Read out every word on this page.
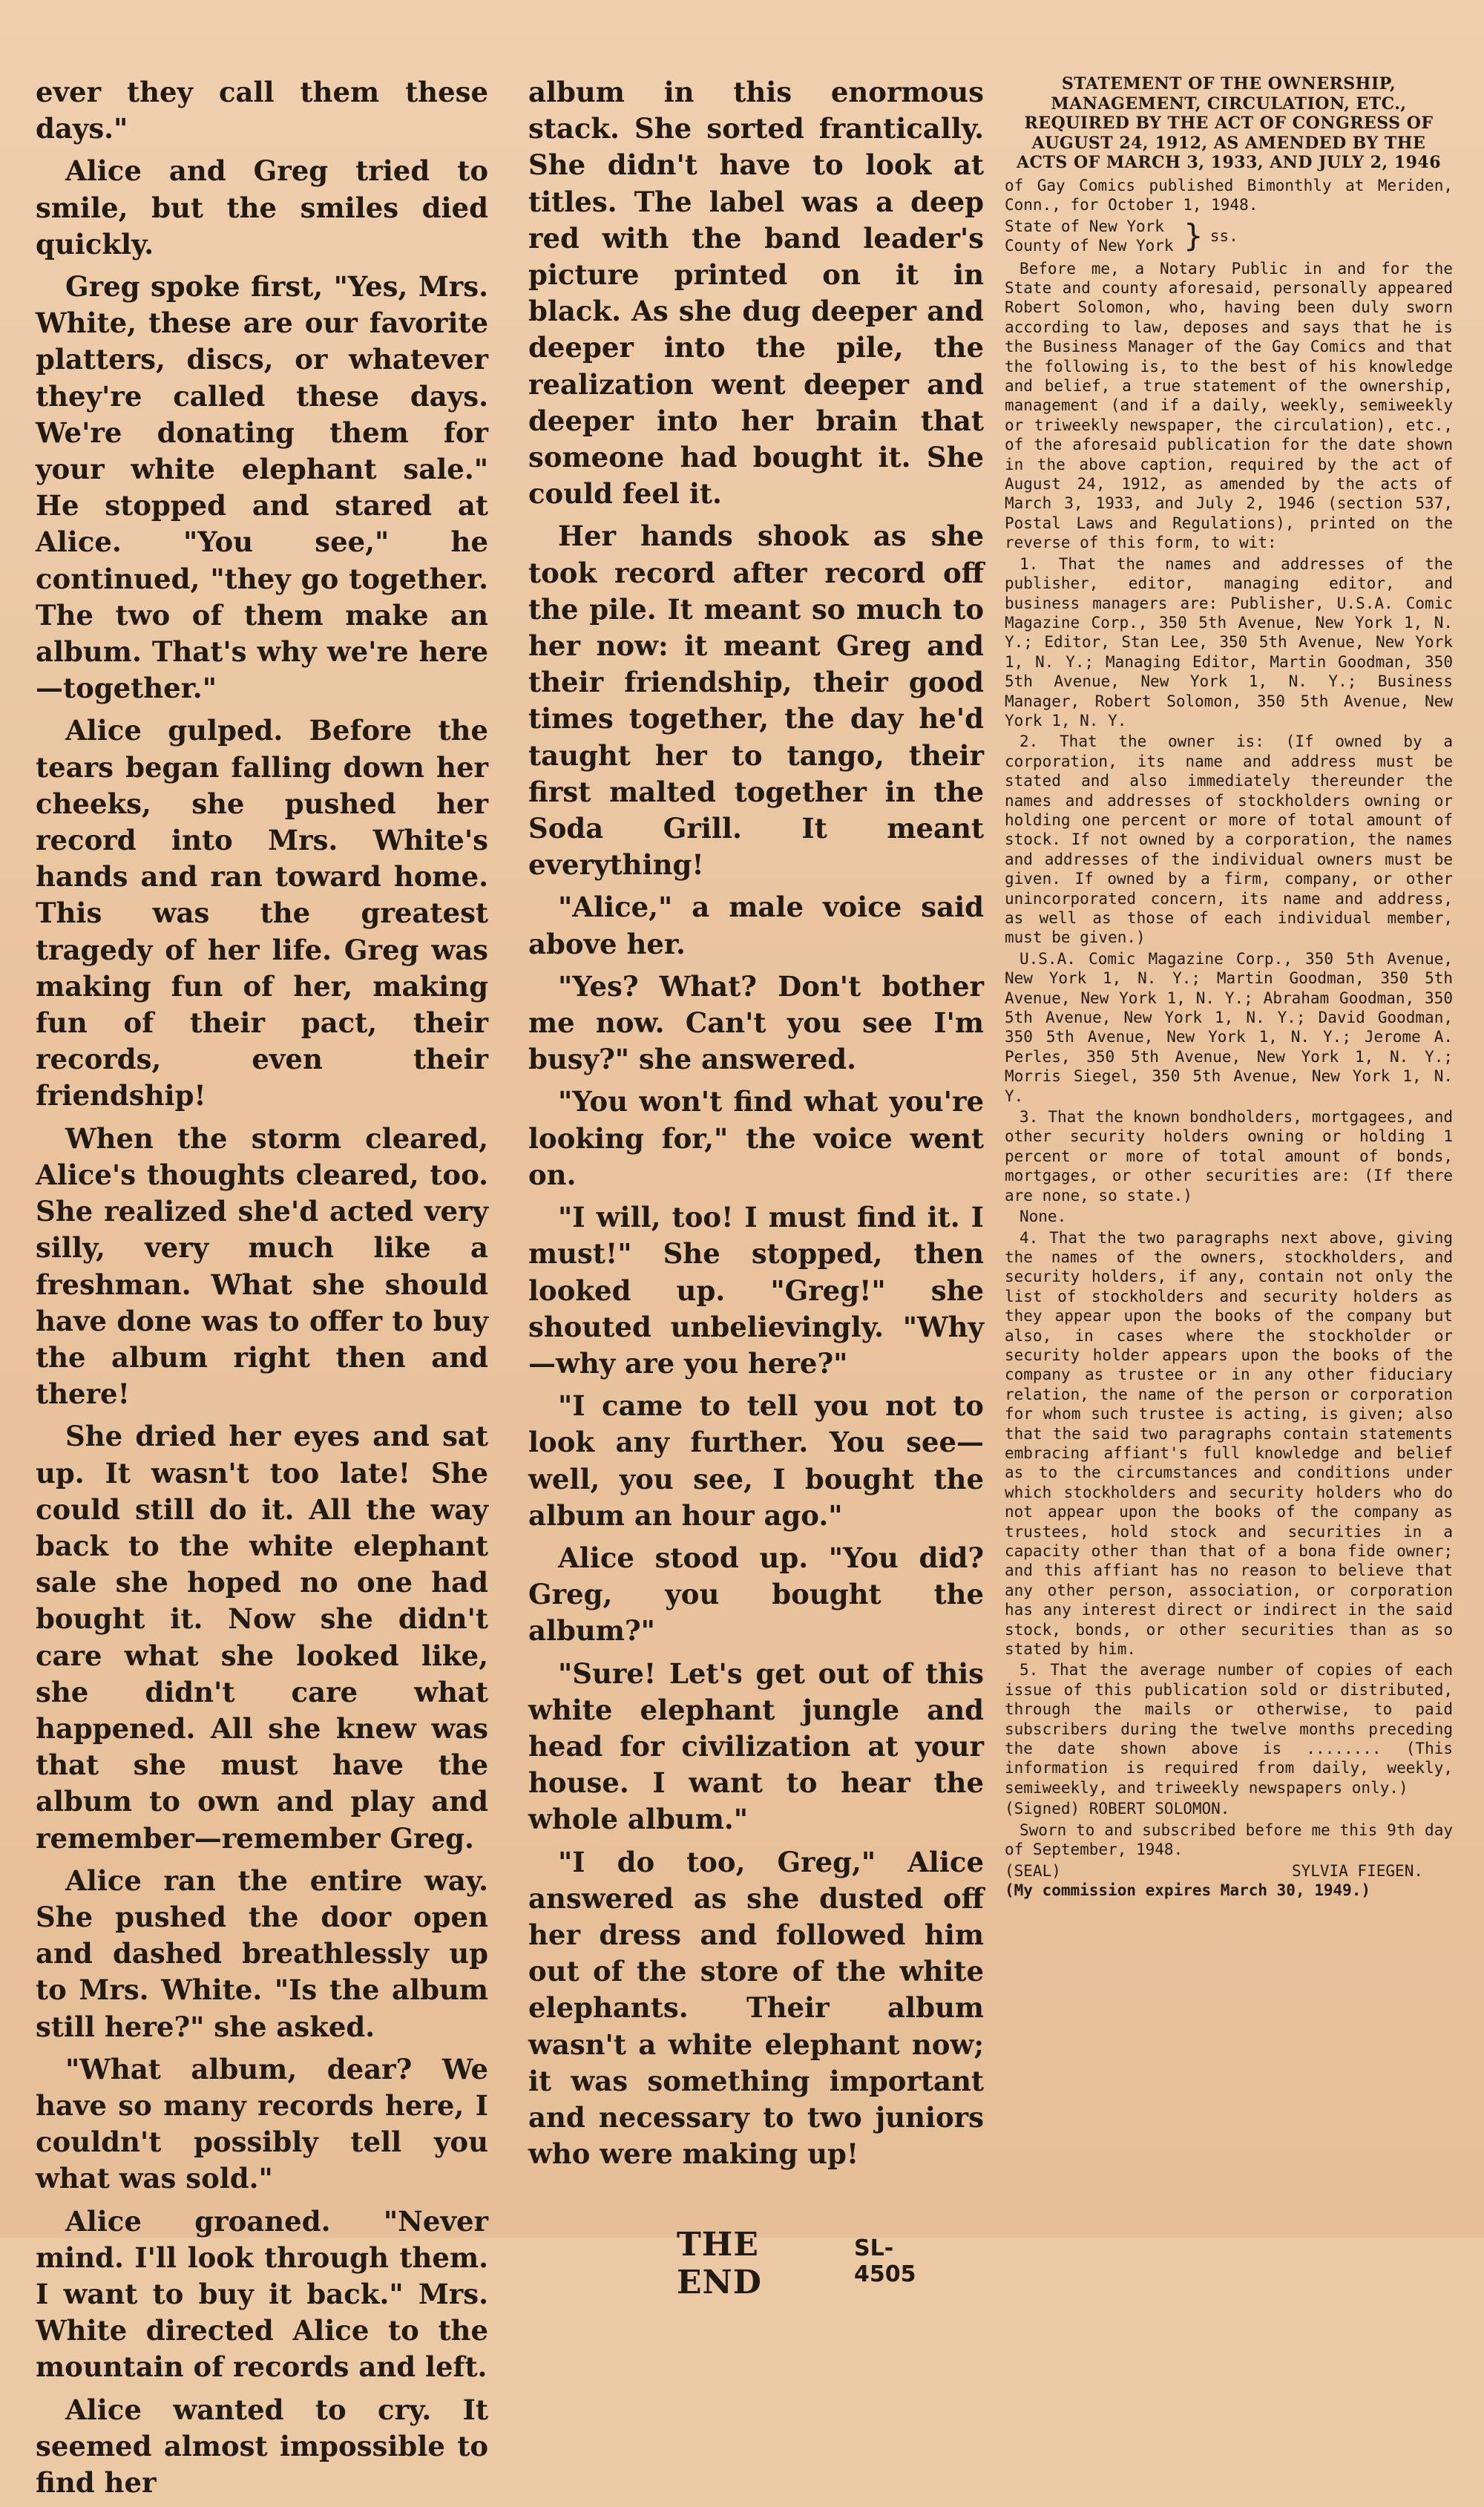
ever they call them these days."

Alice and Greg tried to smile, but the smiles died quickly.

Greg spoke first, "Yes, Mrs. White, these are our favorite platters, discs, or whatever they're called these days. We're donating them for your white elephant sale." He stopped and stared at Alice. "You see," he continued, "they go together. The two of them make an album. That's why we're here—together."

Alice gulped. Before the tears began falling down her cheeks, she pushed her record into Mrs. White's hands and ran toward home. This was the greatest tragedy of her life. Greg was making fun of her, making fun of their pact, their records, even their friendship!

When the storm cleared, Alice's thoughts cleared, too. She realized she'd acted very silly, very much like a freshman. What she should have done was to offer to buy the album right then and there!

She dried her eyes and sat up. It wasn't too late! She could still do it. All the way back to the white elephant sale she hoped no one had bought it. Now she didn't care what she looked like, she didn't care what happened. All she knew was that she must have the album to own and play and remember—remember Greg.

Alice ran the entire way. She pushed the door open and dashed breathlessly up to Mrs. White. "Is the album still here?" she asked.

"What album, dear? We have so many records here, I couldn't possibly tell you what was sold."

Alice groaned. "Never mind. I'll look through them. I want to buy it back." Mrs. White directed Alice to the mountain of records and left.

Alice wanted to cry. It seemed almost impossible to find her

album in this enormous stack. She sorted frantically. She didn't have to look at titles. The label was a deep red with the band leader's picture printed on it in black. As she dug deeper and deeper into the pile, the realization went deeper and deeper into her brain that someone had bought it. She could feel it.

Her hands shook as she took record after record off the pile. It meant so much to her now: it meant Greg and their friendship, their good times together, the day he'd taught her to tango, their first malted together in the Soda Grill. It meant everything!

"Alice," a male voice said above her.

"Yes? What? Don't bother me now. Can't you see I'm busy?" she answered.

"You won't find what you're looking for," the voice went on.

"I will, too! I must find it. I must!" She stopped, then looked up. "Greg!" she shouted unbelievingly. "Why—why are you here?"

"I came to tell you not to look any further. You see—well, you see, I bought the album an hour ago."

Alice stood up. "You did? Greg, you bought the album?"

"Sure! Let's get out of this white elephant jungle and head for civilization at your house. I want to hear the whole album."

"I do too, Greg," Alice answered as she dusted off her dress and followed him out of the store of the white elephants. Their album wasn't a white elephant now; it was something important and necessary to two juniors who were making up!

THE END
SL-4505
STATEMENT OF THE OWNERSHIP, MANAGEMENT, CIRCULATION, ETC., REQUIRED BY THE ACT OF CONGRESS OF AUGUST 24, 1912, AS AMENDED BY THE ACTS OF MARCH 3, 1933, AND JULY 2, 1946

of Gay Comics published Bimonthly at Meriden, Conn., for October 1, 1948.

State of New York
County of New York } ss.

Before me, a Notary Public in and for the State and county aforesaid, personally appeared Robert Solomon, who, having been duly sworn according to law, deposes and says that he is the Business Manager of the Gay Comics and that the following is, to the best of his knowledge and belief, a true statement of the ownership, management (and if a daily, weekly, semiweekly or triweekly newspaper, the circulation), etc., of the aforesaid publication for the date shown in the above caption, required by the act of August 24, 1912, as amended by the acts of March 3, 1933, and July 2, 1946 (section 537, Postal Laws and Regulations), printed on the reverse of this form, to wit:

1. That the names and addresses of the publisher, editor, managing editor, and business managers are: Publisher, U.S.A. Comic Magazine Corp., 350 5th Avenue, New York 1, N. Y.; Editor, Stan Lee, 350 5th Avenue, New York 1, N. Y.; Managing Editor, Martin Goodman, 350 5th Avenue, New York 1, N. Y.; Business Manager, Robert Solomon, 350 5th Avenue, New York 1, N. Y.

2. That the owner is: (If owned by a corporation, its name and address must be stated and also immediately thereunder the names and addresses of stockholders owning or holding one percent or more of total amount of stock. If not owned by a corporation, the names and addresses of the individual owners must be given. If owned by a firm, company, or other unincorporated concern, its name and address, as well as those of each individual member, must be given.)

U.S.A. Comic Magazine Corp., 350 5th Avenue, New York 1, N. Y.; Martin Goodman, 350 5th Avenue, New York 1, N. Y.; Abraham Goodman, 350 5th Avenue, New York 1, N. Y.; David Goodman, 350 5th Avenue, New York 1, N. Y.; Jerome A. Perles, 350 5th Avenue, New York 1, N. Y.; Morris Siegel, 350 5th Avenue, New York 1, N. Y.

3. That the known bondholders, mortgagees, and other security holders owning or holding 1 percent or more of total amount of bonds, mortgages, or other securities are: (If there are none, so state.)

None.

4. That the two paragraphs next above, giving the names of the owners, stockholders, and security holders, if any, contain not only the list of stockholders and security holders as they appear upon the books of the company but also, in cases where the stockholder or security holder appears upon the books of the company as trustee or in any other fiduciary relation, the name of the person or corporation for whom such trustee is acting, is given; also that the said two paragraphs contain statements embracing affiant's full knowledge and belief as to the circumstances and conditions under which stockholders and security holders who do not appear upon the books of the company as trustees, hold stock and securities in a capacity other than that of a bona fide owner; and this affiant has no reason to believe that any other person, association, or corporation has any interest direct or indirect in the said stock, bonds, or other securities than as so stated by him.

5. That the average number of copies of each issue of this publication sold or distributed, through the mails or otherwise, to paid subscribers during the twelve months preceding the date shown above is ........ (This information is required from daily, weekly, semiweekly, and triweekly newspapers only.)

(Signed) ROBERT SOLOMON.

Sworn to and subscribed before me this 9th day of September, 1948.

(SEAL)	SYLVIA FIEGEN.

(My commission expires March 30, 1949.)
